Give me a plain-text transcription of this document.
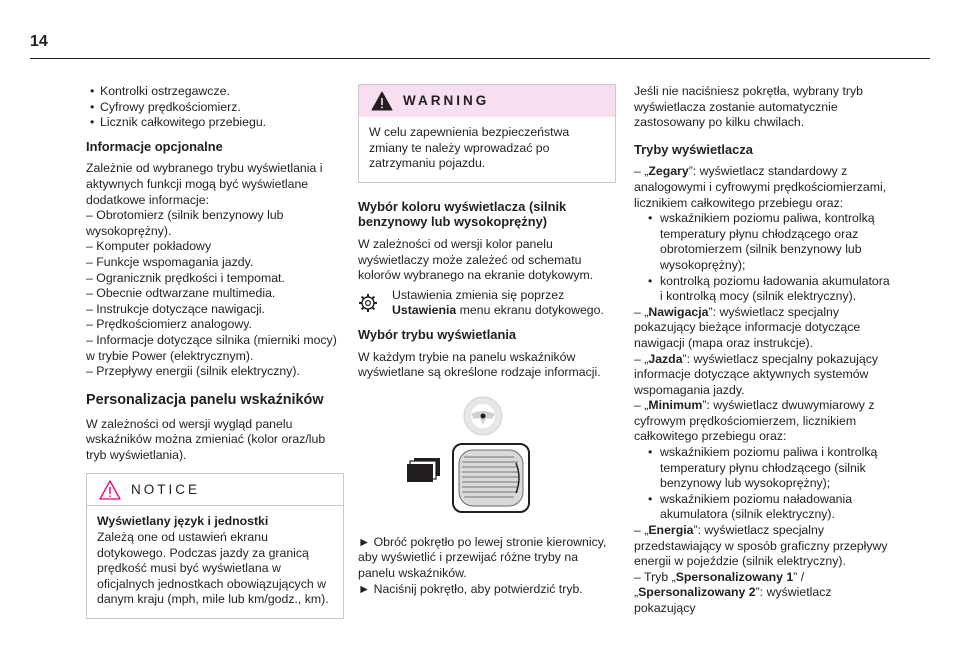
14
• Kontrolki ostrzegawcze.
• Cyfrowy prędkościomierz.
• Licznik całkowitego przebiegu.
Informacje opcjonalne

Zależnie od wybranego trybu wyświetlania i aktywnych funkcji mogą być wyświetlane dodatkowe informacje:

– Obrotomierz (silnik benzynowy lub wysokoprężny).
– Komputer pokładowy
– Funkcje wspomagania jazdy.
– Ogranicznik prędkości i tempomat.
– Obecnie odtwarzane multimedia.
– Instrukcje dotyczące nawigacji.
– Prędkościomierz analogowy.
– Informacje dotyczące silnika (mierniki mocy) w trybie Power (elektrycznym).
– Przepływy energii (silnik elektryczny).
Personalizacja panelu wskaźników

W zależności od wersji wygląd panelu wskaźników można zmieniać (kolor oraz/lub tryb wyświetlania).

NOTICE

Wyświetlany język i jednostki

Zależą one od ustawień ekranu dotykowego. Podczas jazdy za granicą prędkość musi być wyświetlana w oficjalnych jednostkach obowiązujących w danym kraju (mph, mile lub km/godz., km).

WARNING

W celu zapewnienia bezpieczeństwa zmiany te należy wprowadzać po zatrzymaniu pojazdu.

Wybór koloru wyświetlacza (silnik benzynowy lub wysokoprężny)

W zależności od wersji kolor panelu wyświetlaczy może zależeć od schematu kolorów wybranego na ekranie dotykowym.

Ustawienia zmienia się poprzez
Ustawienia menu ekranu dotykowego.
Wybór trybu wyświetlania

W każdym trybie na panelu wskaźników wyświetlane są określone rodzaje informacji.

► Obróć pokrętło po lewej stronie kierownicy, aby wyświetlić i przewijać różne tryby na panelu wskaźników.

► Naciśnij pokrętło, aby potwierdzić tryb.

Jeśli nie naciśniesz pokrętła, wybrany tryb wyświetlacza zostanie automatycznie zastosowany po kilku chwilach.

Tryby wyświetlacza

– „Zegary”: wyświetlacz standardowy z analogowymi i cyfrowymi prędkościomierzami, licznikiem całkowitego przebiegu oraz:

• wskaźnikiem poziomu paliwa, kontrolką temperatury płynu chłodzącego oraz obrotomierzem (silnik benzynowy lub wysokoprężny);
• kontrolką poziomu ładowania akumulatora i kontrolką mocy (silnik elektryczny).

– „Nawigacja”: wyświetlacz specjalny pokazujący bieżące informacje dotyczące nawigacji (mapa oraz instrukcje).

– „Jazda”: wyświetlacz specjalny pokazujący informacje dotyczące aktywnych systemów wspomagania jazdy.

– „Minimum”: wyświetlacz dwuwymiarowy z cyfrowym prędkościomierzem, licznikiem całkowitego przebiegu oraz:

• wskaźnikiem poziomu paliwa i kontrolką temperatury płynu chłodzącego (silnik benzynowy lub wysokoprężny);
• wskaźnikiem poziomu naładowania akumulatora (silnik elektryczny).

– „Energia”: wyświetlacz specjalny przedstawiający w sposób graficzny przepływy energii w pojeździe (silnik elektryczny).

– Tryb „Spersonalizowany 1” / „Spersonalizowany 2”: wyświetlacz pokazujący
